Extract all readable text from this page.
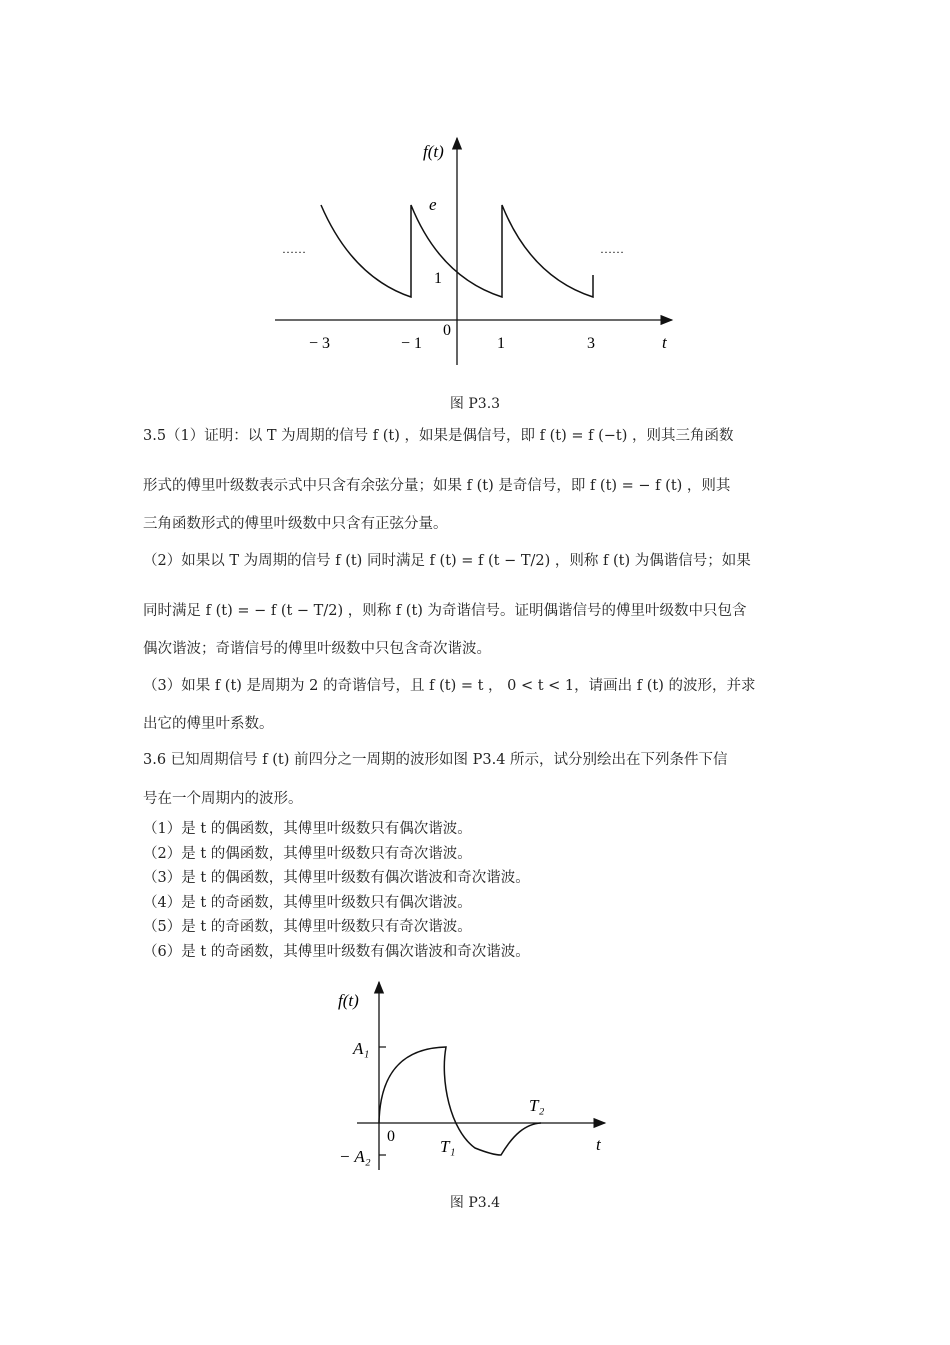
f(t)
e
1
0
……	……
− 3	− 1	1	3	t
图 P3.3
3.5（1）证明：以 T 为周期的信号 f (t) ，如果是偶信号，即 f (t) = f (−t) ，则其三角函数
形式的傅里叶级数表示式中只含有余弦分量；如果 f (t) 是奇信号，即 f (t) = − f (t) ，则其
三角函数形式的傅里叶级数中只含有正弦分量。
（2）如果以 T 为周期的信号 f (t) 同时满足 f (t) = f (t − T/2) ，则称 f (t) 为偶谐信号；如果
同时满足 f (t) = − f (t − T/2) ，则称 f (t) 为奇谐信号。证明偶谐信号的傅里叶级数中只包含
偶次谐波；奇谐信号的傅里叶级数中只包含奇次谐波。
（3）如果 f (t) 是周期为 2 的奇谐信号，且 f (t) = t ， 0 < t < 1，请画出 f (t) 的波形，并求
出它的傅里叶系数。
3.6 已知周期信号 f (t) 前四分之一周期的波形如图 P3.4 所示，试分别绘出在下列条件下信
号在一个周期内的波形。
（1）是 t 的偶函数，其傅里叶级数只有偶次谐波。
（2）是 t 的偶函数，其傅里叶级数只有奇次谐波。
（3）是 t 的偶函数，其傅里叶级数有偶次谐波和奇次谐波。
（4）是 t 的奇函数，其傅里叶级数只有偶次谐波。
（5）是 t 的奇函数，其傅里叶级数只有奇次谐波。
（6）是 t 的奇函数，其傅里叶级数有偶次谐波和奇次谐波。
f(t)
A₁
− A₂
0
T₁
T₂
t
图 P3.4
